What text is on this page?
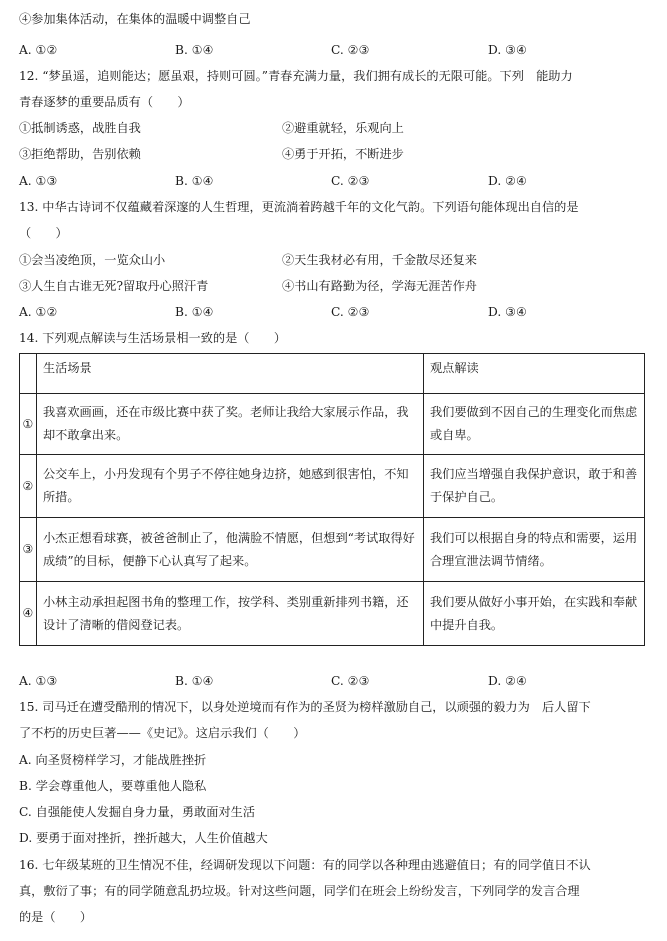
④参加集体活动，在集体的温暖中调整自己
A. ①②	B. ①④	C. ②③	D. ③④
12. “梦虽遥，追则能达；愿虽艰，持则可圆。”青春充满力量，我们拥有成长的无限可能。下列　能助力
青春逐梦的重要品质有（　　）
①抵制诱惑，战胜自我	②避重就轻，乐观向上
③拒绝帮助，告别依赖	④勇于开拓，不断进步
A. ①③	B. ①④	C. ②③	D. ②④
13. 中华古诗词不仅蕴藏着深邃的人生哲理，更流淌着跨越千年的文化气韵。下列语句能体现出自信的是
（　　）
①会当凌绝顶，一览众山小	②天生我材必有用，千金散尽还复来
③人生自古谁无死?留取丹心照汗青	④书山有路勤为径，学海无涯苦作舟
A. ①②	B. ①④	C. ②③	D. ③④
14. 下列观点解读与生活场景相一致的是（　　）
	生活场景	观点解读
①	我喜欢画画，还在市级比赛中获了奖。老师让我给大家展示作品，我却不敢拿出来。	我们要做到不因自己的生理变化而焦虑或自卑。
②	公交车上，小丹发现有个男子不停往她身边挤，她感到很害怕，不知所措。	我们应当增强自我保护意识，敢于和善于保护自己。
③	小杰正想看球赛，被爸爸制止了，他满脸不情愿，但想到“考试取得好成绩”的目标，便静下心认真写了起来。	我们可以根据自身的特点和需要，运用合理宣泄法调节情绪。
④	小林主动承担起图书角的整理工作，按学科、类别重新排列书籍，还设计了清晰的借阅登记表。	我们要从做好小事开始，在实践和奉献中提升自我。
A. ①③	B. ①④	C. ②③	D. ②④
15. 司马迁在遭受酷刑的情况下，以身处逆境而有作为的圣贤为榜样激励自己，以顽强的毅力为　后人留下
了不朽的历史巨著——《史记》。这启示我们（　　）
A. 向圣贤榜样学习，才能战胜挫折
B. 学会尊重他人，要尊重他人隐私
C. 自强能使人发掘自身力量，勇敢面对生活
D. 要勇于面对挫折，挫折越大，人生价值越大
16. 七年级某班的卫生情况不佳，经调研发现以下问题：有的同学以各种理由逃避值日；有的同学值日不认
真，敷衍了事；有的同学随意乱扔垃圾。针对这些问题，同学们在班会上纷纷发言，下列同学的发言合理
的是（　　）
